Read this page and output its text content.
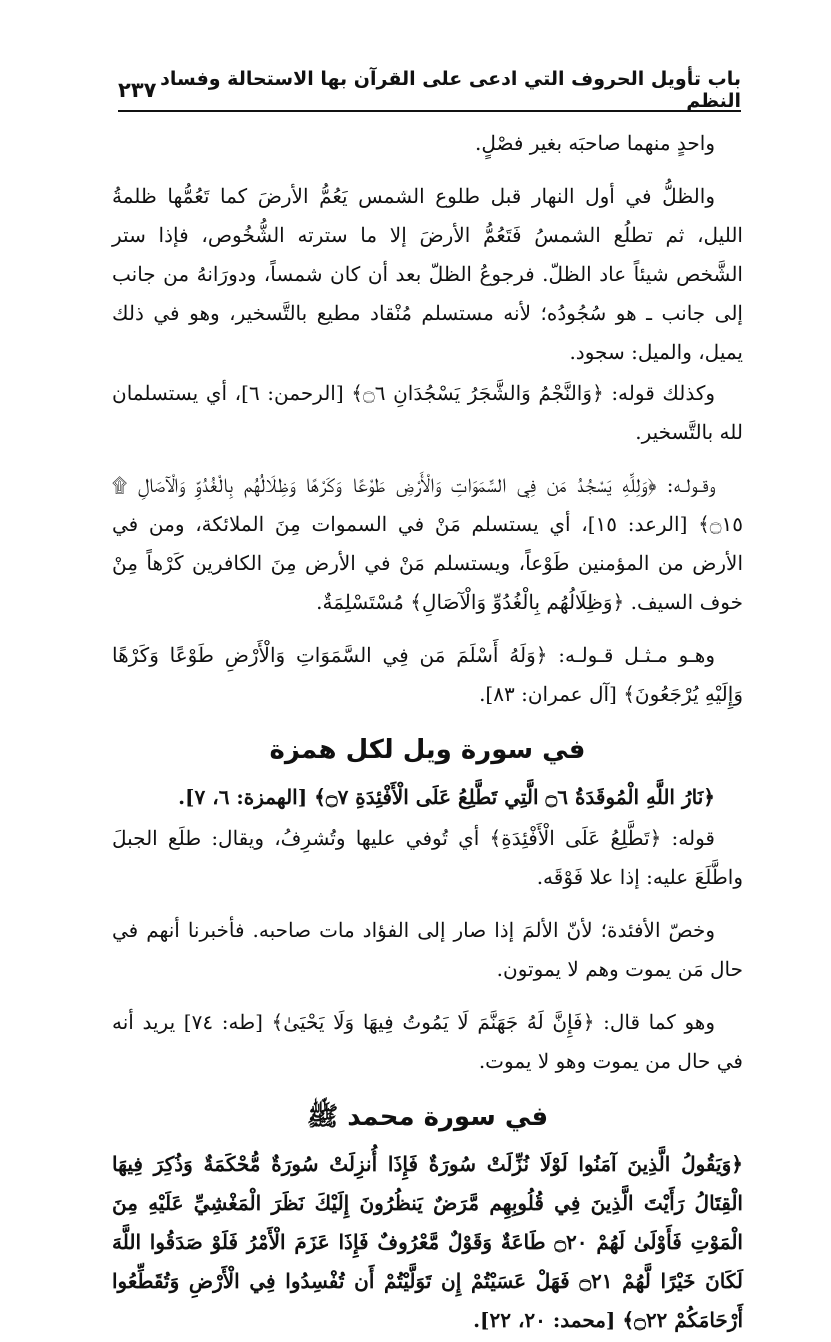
باب تأويل الحروف التي ادعى على القرآن بها الاستحالة وفساد النظم
٢٣٧

واحدٍ منهما صاحبَه بغير فصْلٍ.

والظلُّ في أول النهار قبل طلوع الشمس يَعُمُّ الأرضَ كما تَعُمُّها ظلمةُ الليل، ثم تطلُع الشمسُ فَتَعُمُّ الأرضَ إلا ما سترته الشُّخُوص، فإذا ستر الشَّخص شيئاً عاد الظلّ. فرجوعُ الظلّ بعد أن كان شمساً، ودورَانهُ من جانب إلى جانب ـ هو سُجُودُه؛ لأنه مستسلم مُنْقاد مطيع بالتَّسخير، وهو في ذلك يميل، والميل: سجود.

وكذلك قوله: ﴿وَالنَّجْمُ وَالشَّجَرُ يَسْجُدَانِ ۝٦﴾ [الرحمن: ٦]، أي يستسلمان لله بالتَّسخير.

وقـولـه: ﴿وَلِلَّهِ يَسْجُدُ مَن فِي السَّمَوَاتِ وَالْأَرْضِ طَوْعًا وَكَرْهًا وَظِلَالُهُم بِالْغُدُوِّ وَالْآصَالِ ۩ ۝١٥﴾ [الرعد: ١٥]، أي يستسلم مَنْ في السموات مِنَ الملائكة، ومن في الأرض من المؤمنين طَوْعاً، ويستسلم مَنْ في الأرض مِنَ الكافرين كَرْهاً مِنْ خوف السيف. ﴿وَظِلَالُهُم بِالْغُدُوِّ وَالْآصَالِ﴾ مُسْتَسْلِمَةٌ.

وهـو مـثـل قـولـه: ﴿وَلَهُ أَسْلَمَ مَن فِي السَّمَوَاتِ وَالْأَرْضِ طَوْعًا وَكَرْهًا وَإِلَيْهِ يُرْجَعُونَ﴾ [آل عمران: ٨٣].

في سورة ويل لكل همزة

﴿نَارُ اللَّهِ الْمُوقَدَةُ ۝٦ الَّتِي تَطَّلِعُ عَلَى الْأَفْئِدَةِ ۝٧﴾ [الهمزة: ٦، ٧].

قوله: ﴿تَطَّلِعُ عَلَى الْأَفْئِدَةِ﴾ أي تُوفي عليها وتُشرِفُ، ويقال: طلَع الجبلَ واطَّلَعَ عليه: إذا علا فَوْقَه.

وخصّ الأفئدة؛ لأنّ الألمَ إذا صار إلى الفؤاد مات صاحبه. فأخبرنا أنهم في حال مَن يموت وهم لا يموتون.

وهو كما قال: ﴿فَإِنَّ لَهُ جَهَنَّمَ لَا يَمُوتُ فِيهَا وَلَا يَحْيَىٰ﴾ [طه: ٧٤] يريد أنه في حال من يموت وهو لا يموت.

في سورة محمد ﷺ

﴿وَيَقُولُ الَّذِينَ آمَنُوا لَوْلَا نُزِّلَتْ سُورَةٌ فَإِذَا أُنزِلَتْ سُورَةٌ مُّحْكَمَةٌ وَذُكِرَ فِيهَا الْقِتَالُ رَأَيْتَ الَّذِينَ فِي قُلُوبِهِم مَّرَضٌ يَنظُرُونَ إِلَيْكَ نَظَرَ الْمَغْشِيِّ عَلَيْهِ مِنَ الْمَوْتِ فَأَوْلَىٰ لَهُمْ ۝٢٠ طَاعَةٌ وَقَوْلٌ مَّعْرُوفٌ فَإِذَا عَزَمَ الْأَمْرُ فَلَوْ صَدَقُوا اللَّهَ لَكَانَ خَيْرًا لَّهُمْ ۝٢١ فَهَلْ عَسَيْتُمْ إِن تَوَلَّيْتُمْ أَن تُفْسِدُوا فِي الْأَرْضِ وَتُقَطِّعُوا أَرْحَامَكُمْ ۝٢٢﴾ [محمد: ٢٠، ٢٢].
